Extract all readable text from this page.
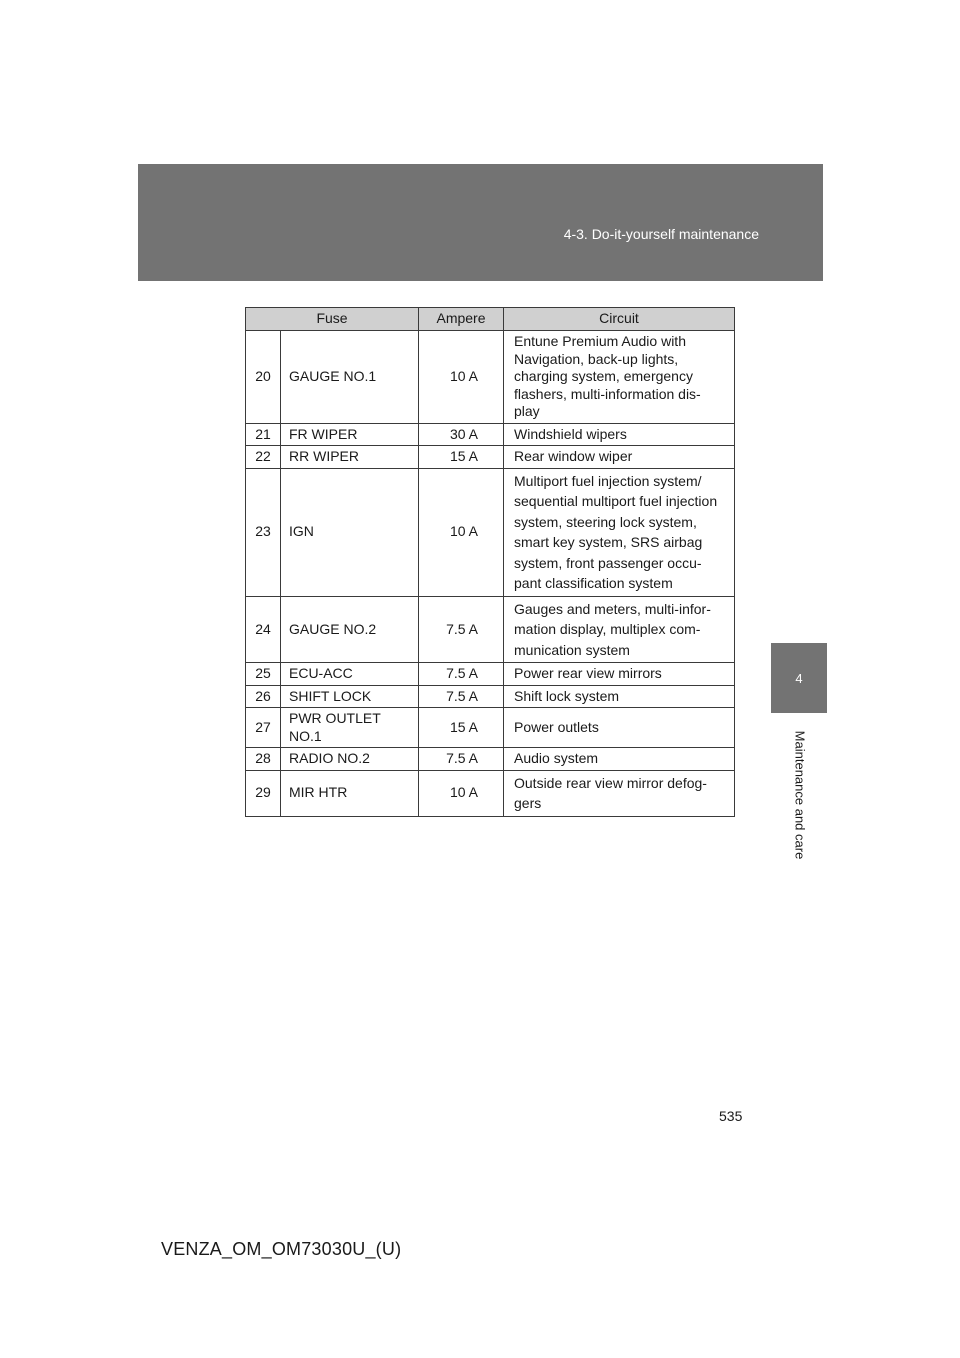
4-3. Do-it-yourself maintenance
4
Maintenance and care
Fuse		Ampere	Circuit
20	GAUGE NO.1	10 A	Entune Premium Audio with Navigation, back-up lights, charging system, emergency flashers, multi-information dis-play
21	FR WIPER	30 A	Windshield wipers
22	RR WIPER	15 A	Rear window wiper
23	IGN	10 A	Multiport fuel injection system/ sequential multiport fuel injection system, steering lock system, smart key system, SRS airbag system, front passenger occu-pant classification system
24	GAUGE NO.2	7.5 A	Gauges and meters, multi-infor-mation display, multiplex com-munication system
25	ECU-ACC	7.5 A	Power rear view mirrors
26	SHIFT LOCK	7.5 A	Shift lock system
27	PWR OUTLET NO.1	15 A	Power outlets
28	RADIO NO.2	7.5 A	Audio system
29	MIR HTR	10 A	Outside rear view mirror defog-gers
535
VENZA_OM_OM73030U_(U)
